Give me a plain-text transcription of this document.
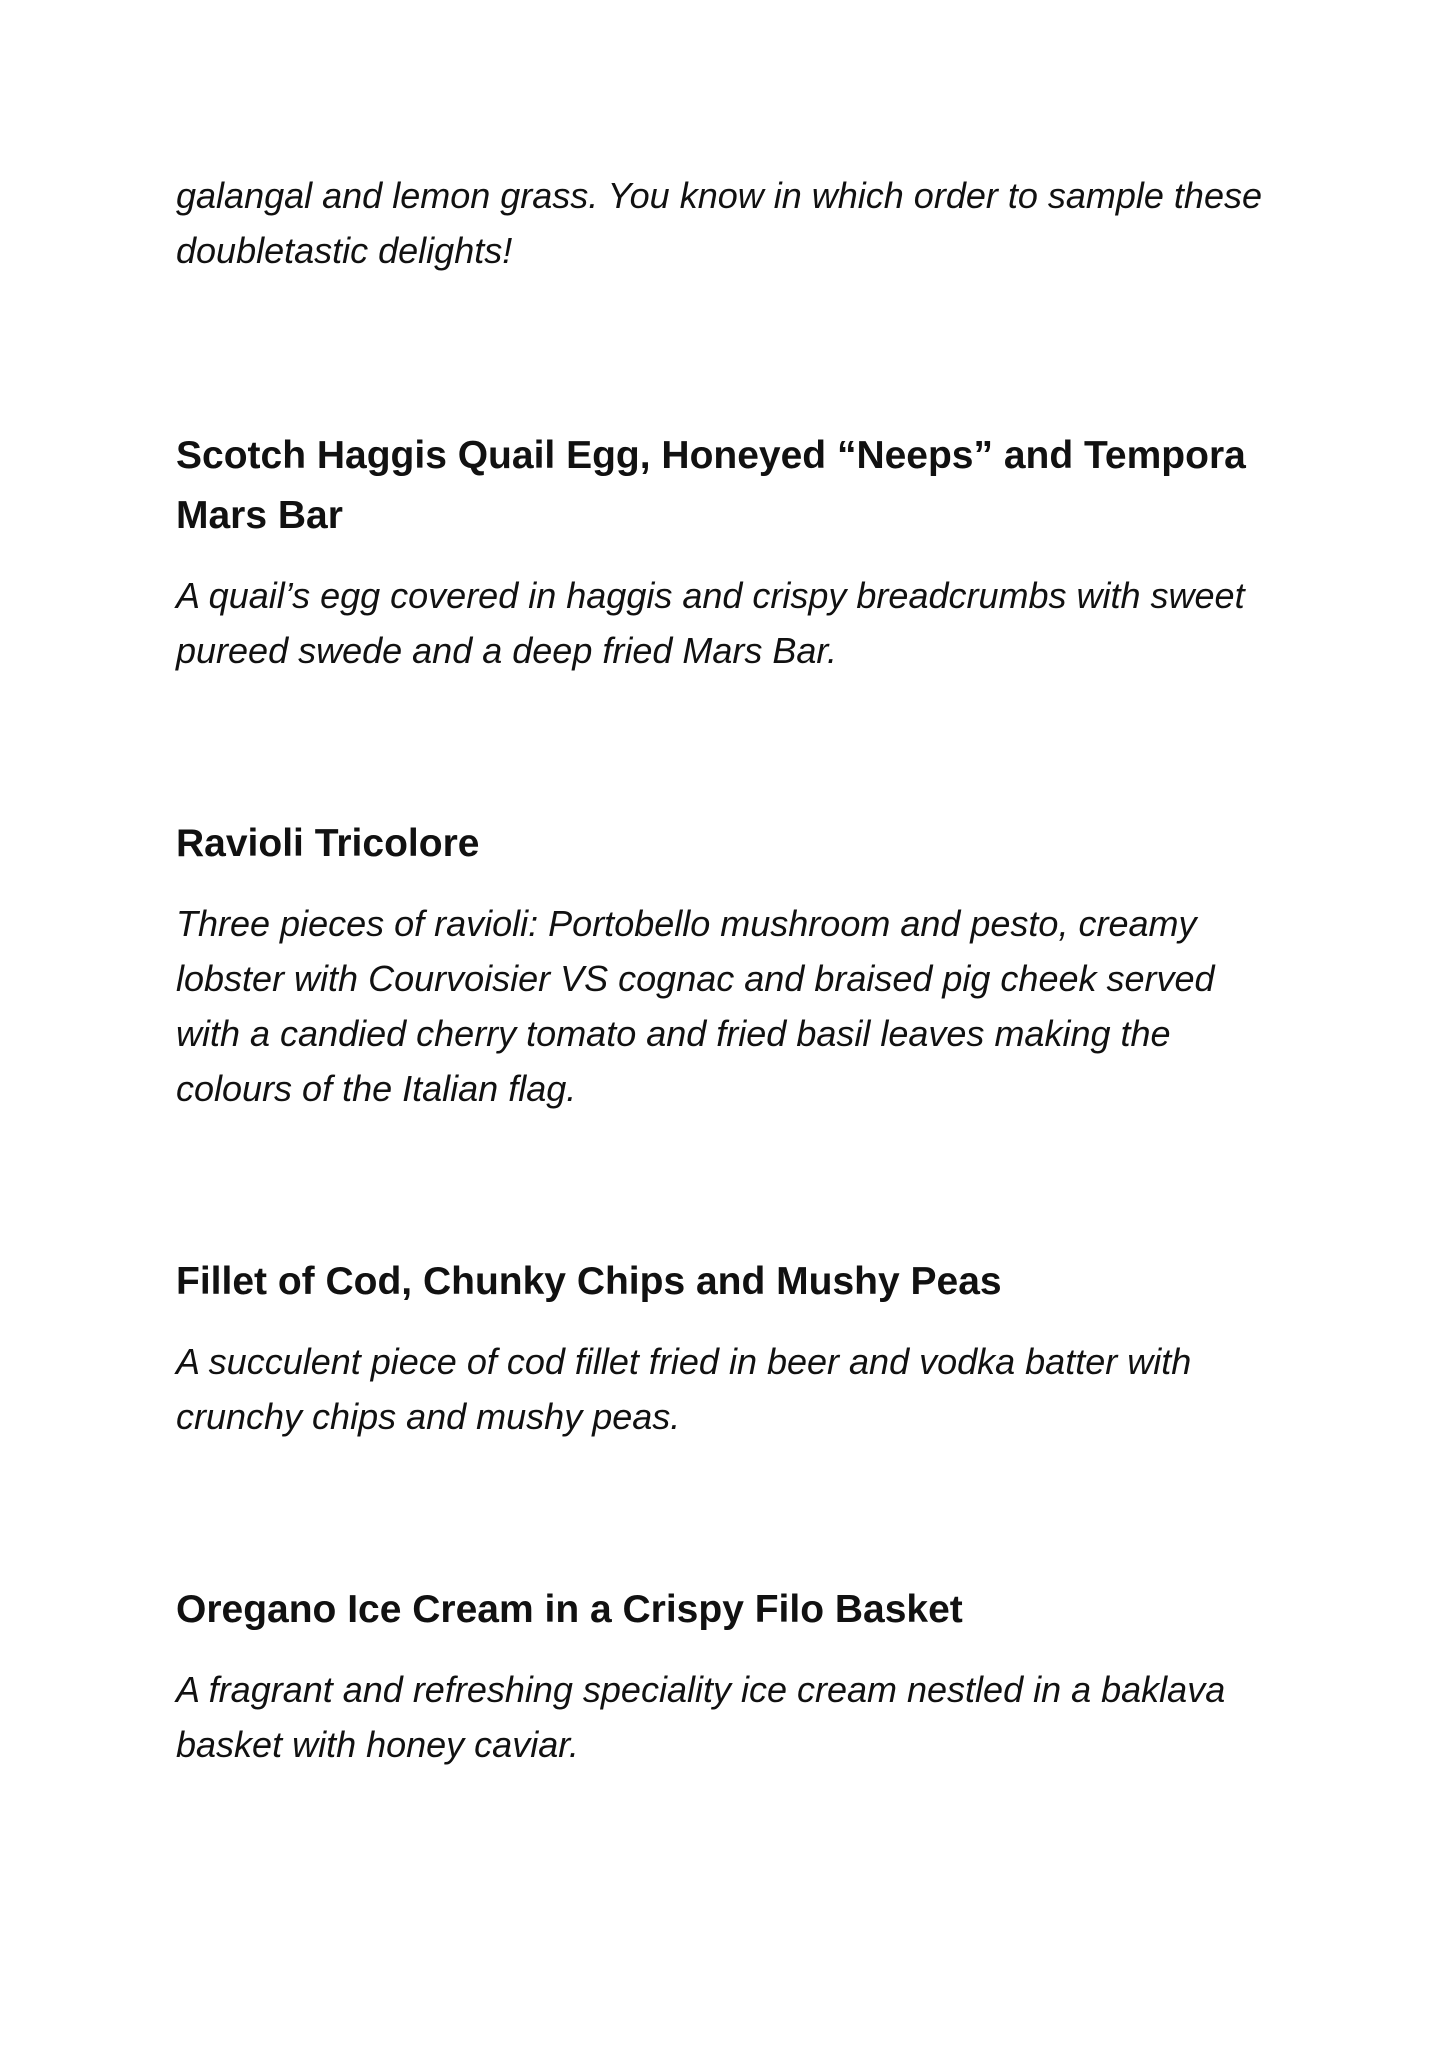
galangal and lemon grass. You know in which order to sample these doubletastic delights!

Scotch Haggis Quail Egg, Honeyed “Neeps” and Tempora Mars Bar

A quail’s egg covered in haggis and crispy breadcrumbs with sweet pureed swede and a deep fried Mars Bar.

Ravioli Tricolore

Three pieces of ravioli: Portobello mushroom and pesto, creamy lobster with Courvoisier VS cognac and braised pig cheek served with a candied cherry tomato and fried basil leaves making the colours of the Italian flag.

Fillet of Cod, Chunky Chips and Mushy Peas

A succulent piece of cod fillet fried in beer and vodka batter with crunchy chips and mushy peas.

Oregano Ice Cream in a Crispy Filo Basket

A fragrant and refreshing speciality ice cream nestled in a baklava basket with honey caviar.
